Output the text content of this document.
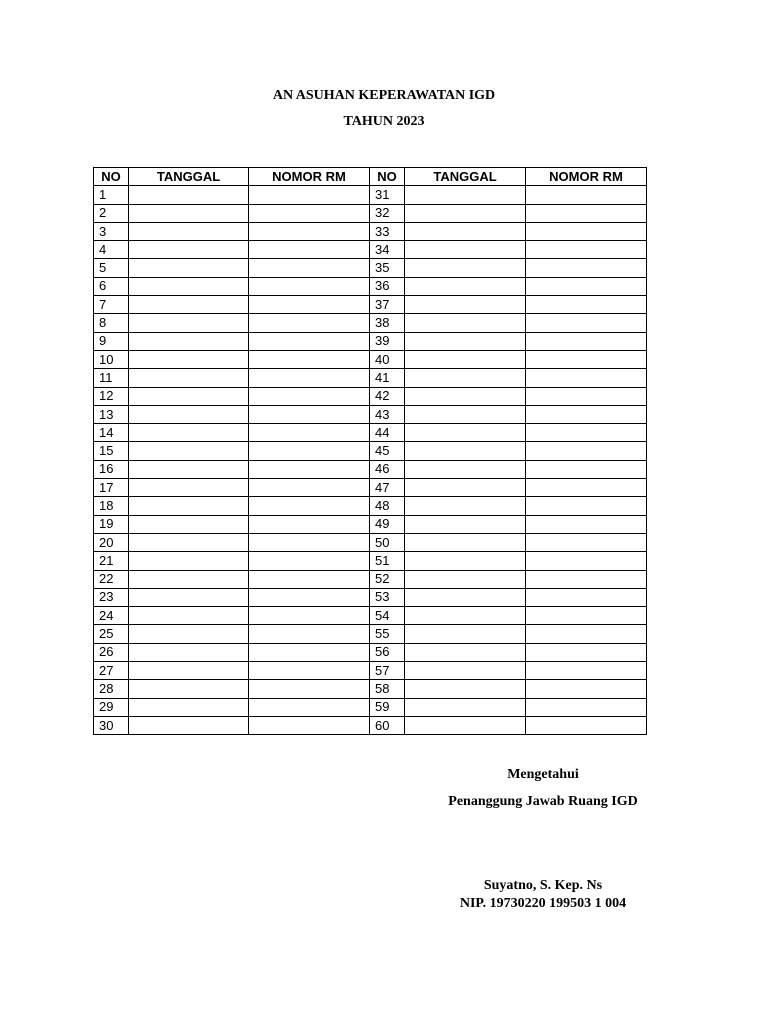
AN ASUHAN KEPERAWATAN IGD
TAHUN 2023
NO	TANGGAL	NOMOR RM	NO	TANGGAL	NOMOR RM
1			31		
2			32		
3			33		
4			34		
5			35		
6			36		
7			37		
8			38		
9			39		
10			40		
11			41		
12			42		
13			43		
14			44		
15			45		
16			46		
17			47		
18			48		
19			49		
20			50		
21			51		
22			52		
23			53		
24			54		
25			55		
26			56		
27			57		
28			58		
29			59		
30			60		
Mengetahui
Penanggung Jawab Ruang IGD
Suyatno, S. Kep. Ns
NIP. 19730220 199503 1 004
